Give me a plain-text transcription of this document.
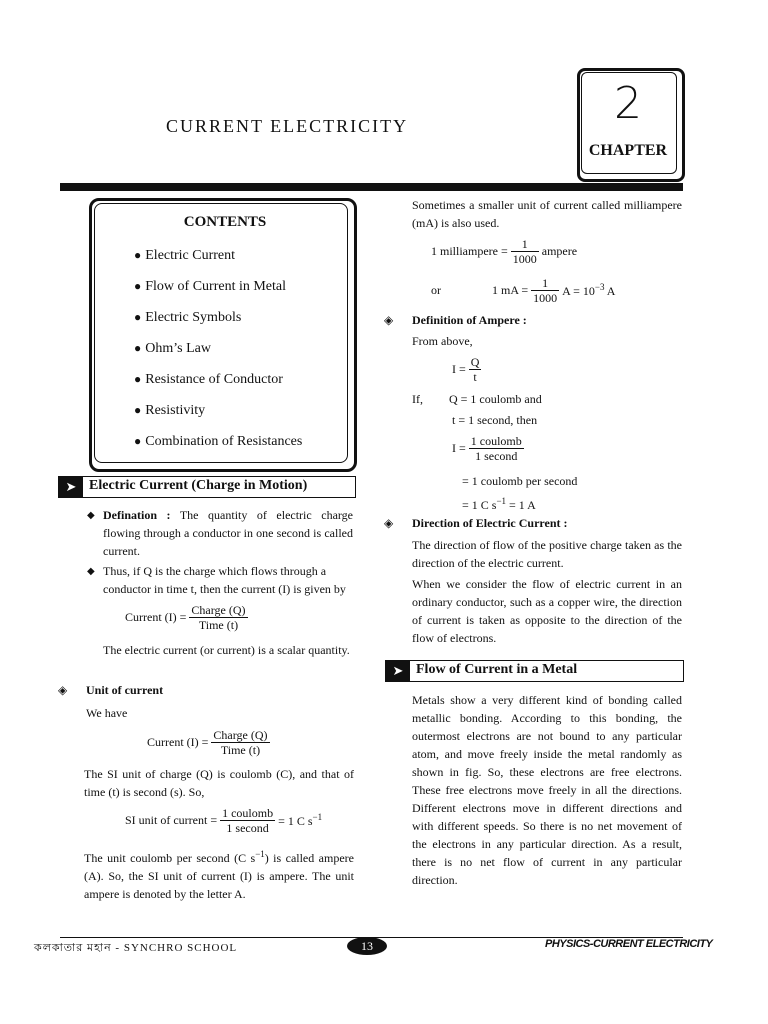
CURRENT ELECTRICITY	2
CHAPTER
CONTENTS
● Electric Current
● Flow of Current in Metal
● Electric Symbols
● Ohm’s Law
● Resistance of Conductor
● Resistivity
● Combination of Resistances
➤ Electric Current (Charge in Motion)
◆ Defination : The quantity of electric charge flowing through a conductor in one second is called current.
◆ Thus, if Q is the charge which flows through a conductor in time t, then the current (I) is given by
Current $(I) = \frac{\text{Charge (Q)}}{\text{Time (t)}}$
The electric current (or current) is a scalar quantity.
◈ Unit of current
We have
Current $(I) = \frac{\text{Charge (Q)}}{\text{Time (t)}}$
The SI unit of charge (Q) is coulomb (C), and that of time (t) is second (s). So,
SI unit of current = $\frac{\text{1 coulomb}}{\text{1 second}} = 1$ C $s^{-1}$
The unit coulomb per second (C $s^{-1}$) is called ampere (A). So, the SI unit of current (I) is ampere. The unit ampere is denoted by the letter A.
Sometimes a smaller unit of current called milliampere (mA) is also used.
1 milliampere = $\frac{1}{1000}$ ampere
or	1 mA = $\frac{1}{1000}$ $A = 10^{-3}$ A
◈ Definition of Ampere :
From above,
$I = \frac{Q}{t}$
If, Q = 1 coulomb and
t = 1 second, then
$I = \frac{\text{1 coulomb}}{\text{1 second}}$
= 1 coulomb per second
= 1 C $s^{-1} = 1$ A
◈ Direction of Electric Current :
The direction of flow of the positive charge taken as the direction of the electric current.
When we consider the flow of electric current in an ordinary conductor, such as a copper wire, the direction of current is taken as opposite to the direction of the flow of electrons.
➤ Flow of Current in a Metal
Metals show a very different kind of bonding called metallic bonding. According to this bonding, the outermost electrons are not bound to any particular atom, and move freely inside the metal randomly as shown in fig. So, these electrons are free electrons. These free electrons move freely in all the directions. Different electrons move in different directions and with different speeds. So there is no net movement of the electrons in any particular direction. As a result, there is no net flow of current in any particular direction.
কলকাতার মহান - SYNCHRO SCHOOL	13	PHYSICS-CURRENT ELECTRICITY
